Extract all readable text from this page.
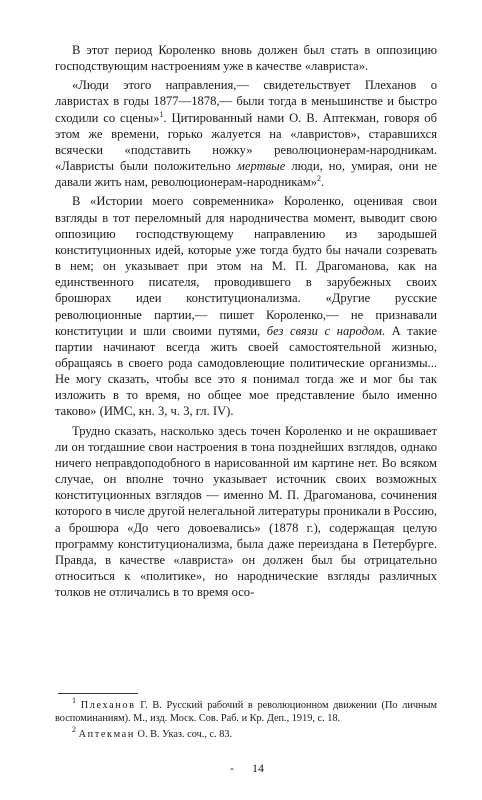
В этот период Короленко вновь должен был стать в оппозицию господствующим настроениям уже в качестве «лавриста».

«Люди этого направления,— свидетельствует Плеханов о лавристах в годы 1877—1878,— были тогда в меньшинстве и быстро сходили со сцены»$^1$. Цитированный нами О. В. Аптекман, говоря об этом же времени, горько жалуется на «лавристов», старавшихся всячески «подставить ножку» революционерам-народникам. «Лавристы были положительно мертвые люди, но, умирая, они не давали жить нам, революционерам-народникам»$^2$.

В «Истории моего современника» Короленко, оценивая свои взгляды в тот переломный для народничества момент, выводит свою оппозицию господствующему направлению из зародышей конституционных идей, которые уже тогда будто бы начали созревать в нем; он указывает при этом на М. П. Драгоманова, как на единственного писателя, проводившего в зарубежных своих брошюрах идеи конституционализма. «Другие русские революционные партии,— пишет Короленко,— не признавали конституции и шли своими путями, без связи с народом. А такие партии начинают всегда жить своей самостоятельной жизнью, обращаясь в своего рода самодовлеющие политические организмы... Не могу сказать, чтобы все это я понимал тогда же и мог бы так изложить в то время, но общее мое представление было именно таково» (ИМС, кн. 3, ч. 3, гл. IV).

Трудно сказать, насколько здесь точен Короленко и не окрашивает ли он тогдашние свои настроения в тона позднейших взглядов, однако ничего неправдоподобного в нарисованной им картине нет. Во всяком случае, он вполне точно указывает источник своих возможных конституционных взглядов — именно М. П. Драгоманова, сочинения которого в числе другой нелегальной литературы проникали в Россию, а брошюра «До чего довоевались» (1878 г.), содержащая целую программу конституционализма, была даже переиздана в Петербурге. Правда, в качестве «лавриста» он должен был бы отрицательно относиться к «политике», но народнические взгляды различных толков не отличались в то время осо-

$^1$ Плеханов Г. В. Русский рабочий в революционном движении (По личным воспоминаниям). М., изд. Моск. Сов. Раб. и Кр. Деп., 1919, с. 18.

$^2$ Аптекман О. В. Указ. соч., с. 83.

- 14
